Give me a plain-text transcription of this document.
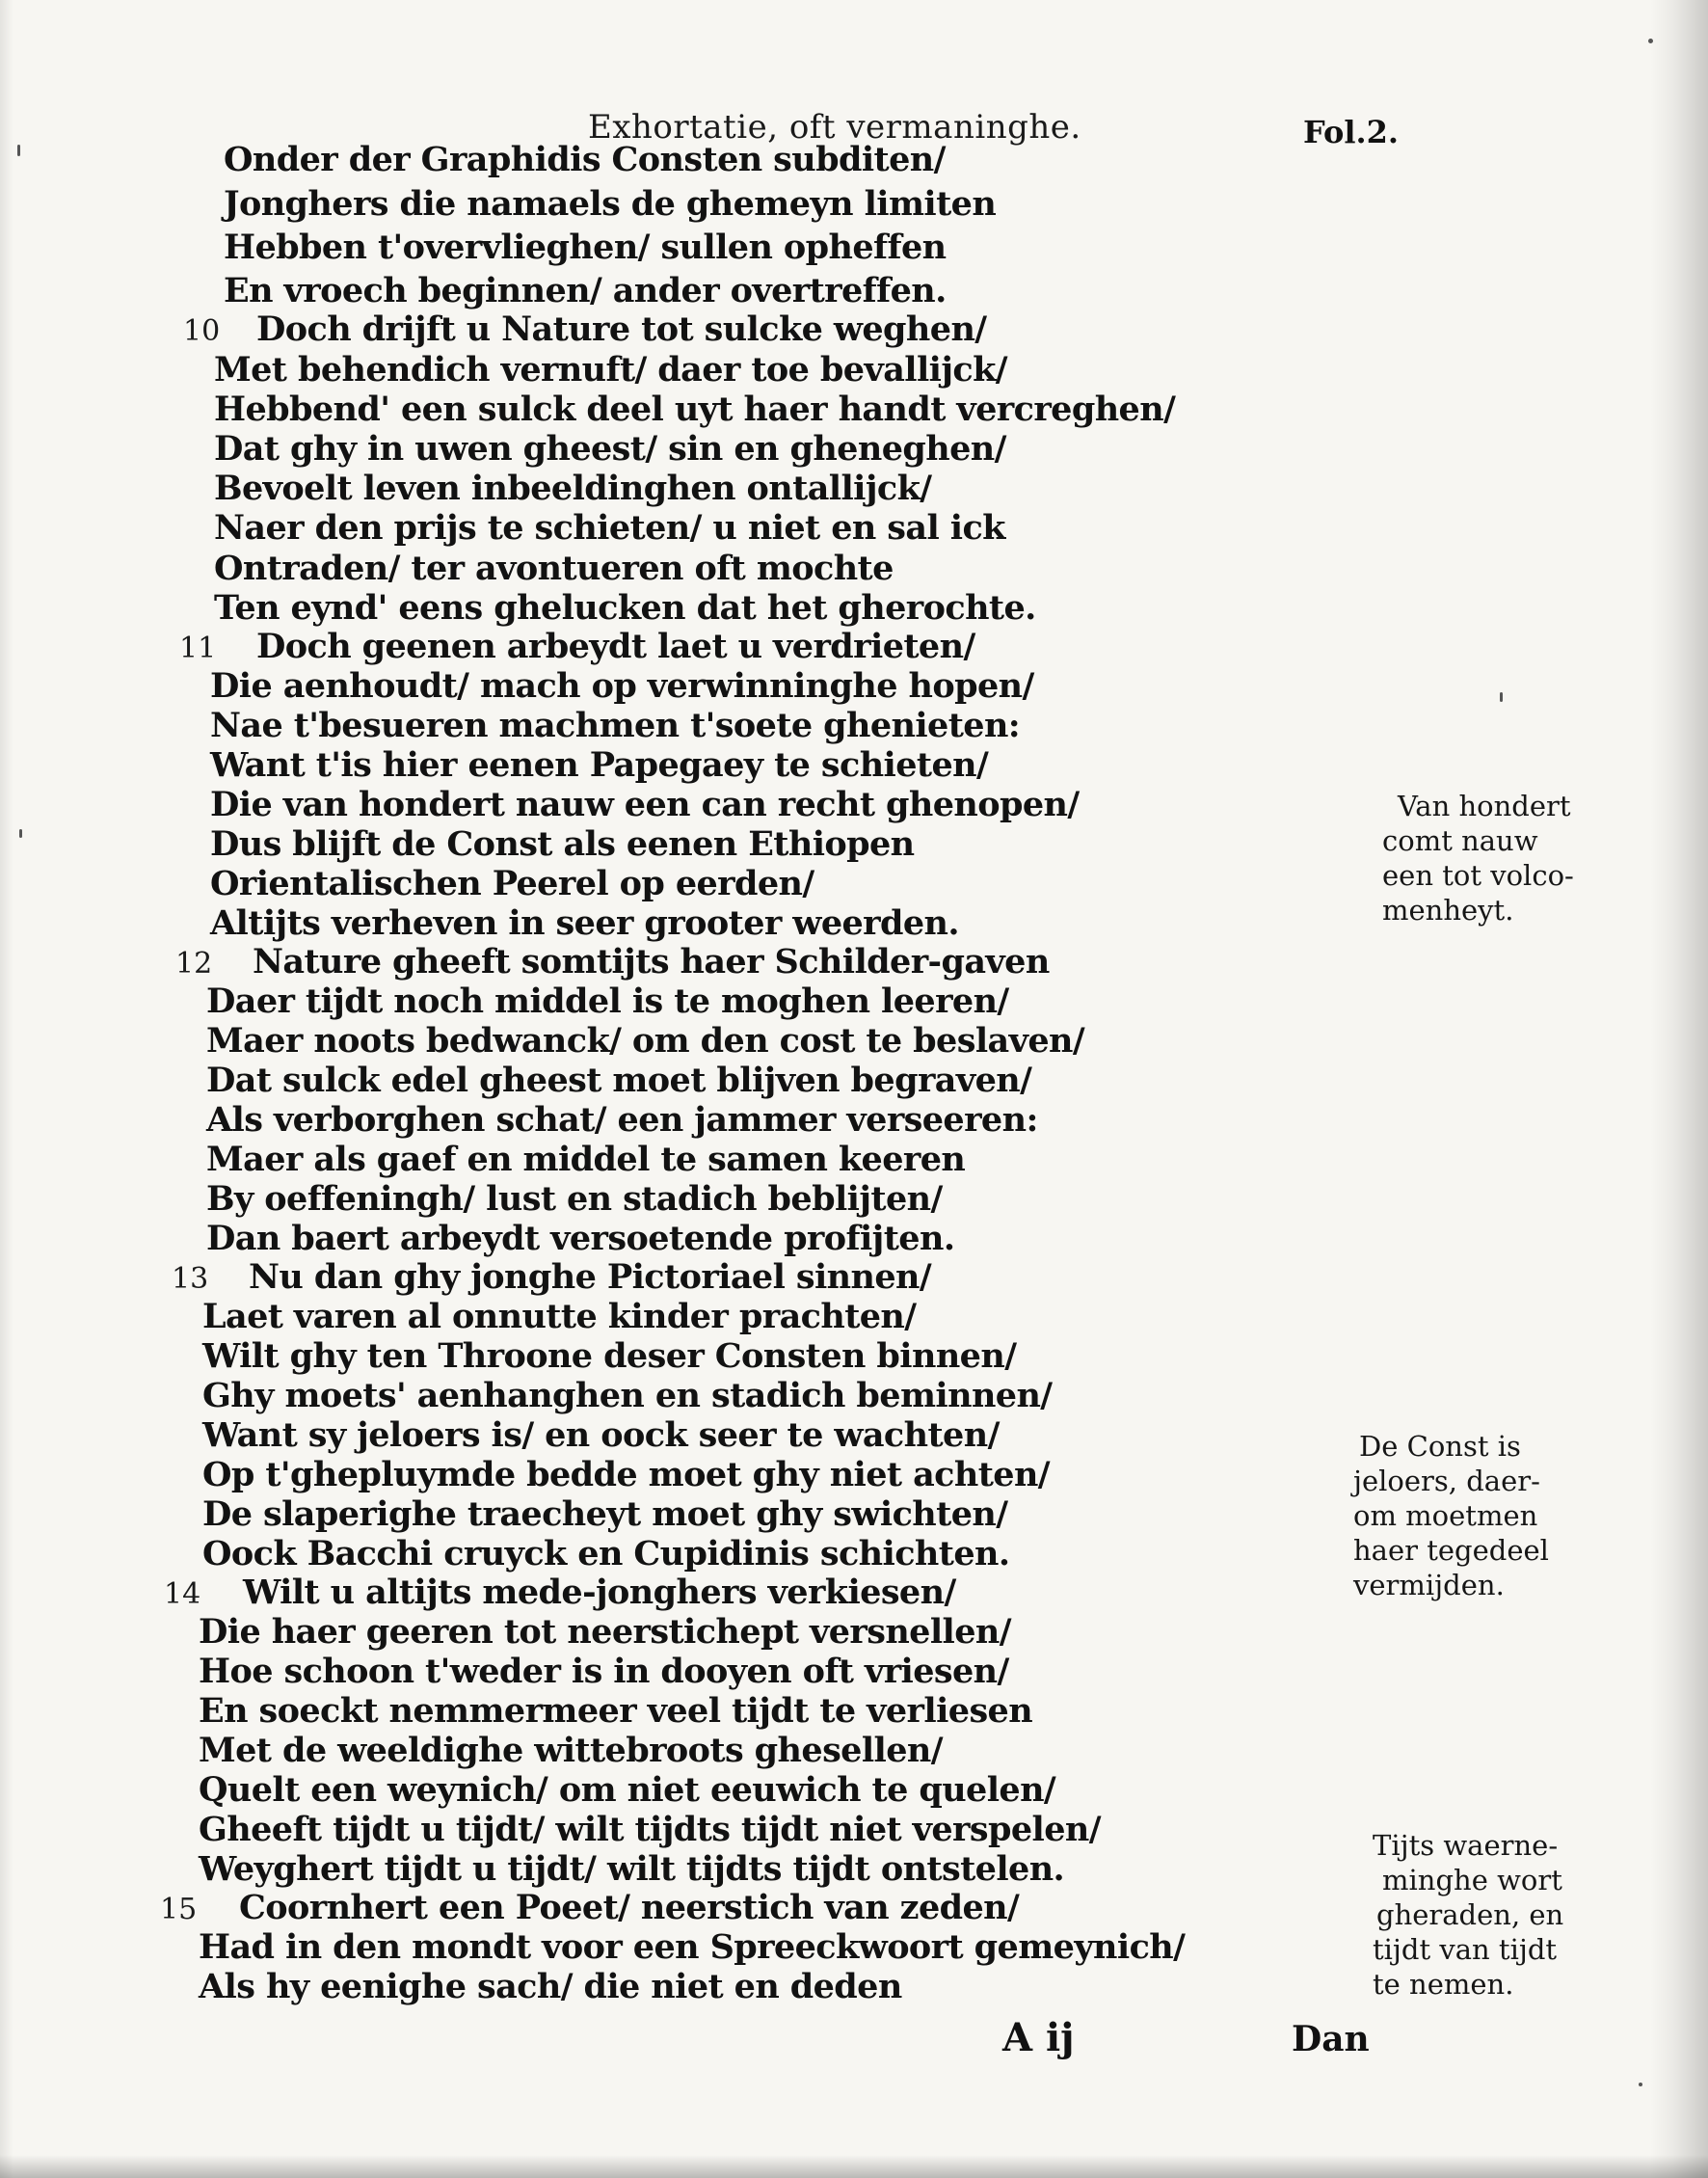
Exhortatie, oft vermaninghe.	Fol.2.
Onder der Graphidis Consten subditen/
Jonghers die namaels de ghemeyn limiten
Hebben t'overvlieghen/ sullen opheffen
En vroech beginnen/ ander overtreffen.
10 Doch drijft u Nature tot sulcke weghen/
Met behendich vernuft/ daer toe bevallijck/
Hebbend' een sulck deel uyt haer handt vercreghen/
Dat ghy in uwen gheest/ sin en gheneghen/
Bevoelt leven inbeeldinghen ontallijck/
Naer den prijs te schieten/ u niet en sal ick
Ontraden/ ter avontueren oft mochte
Ten eynd' eens ghelucken dat het gherochte.
11 Doch geenen arbeydt laet u verdrieten/
Die aenhoudt/ mach op verwinninghe hopen/
Nae t'besueren machmen t'soete ghenieten:
Want t'is hier eenen Papegaey te schieten/
Die van hondert nauw een can recht ghenopen/
Dus blijft de Const als eenen Ethiopen
Orientalischen Peerel op eerden/
Altijts verheven in seer grooter weerden.
12 Nature gheeft somtijts haer Schilder-gaven
Daer tijdt noch middel is te moghen leeren/
Maer noots bedwanck/ om den cost te beslaven/
Dat sulck edel gheest moet blijven begraven/
Als verborghen schat/ een jammer verseeren:
Maer als gaef en middel te samen keeren
By oeffeningh/ lust en stadich beblijten/
Dan baert arbeydt versoetende profijten.
13 Nu dan ghy jonghe Pictoriael sinnen/
Laet varen al onnutte kinder prachten/
Wilt ghy ten Throone deser Consten binnen/
Ghy moets' aenhanghen en stadich beminnen/
Want sy jeloers is/ en oock seer te wachten/
Op t'ghepluymde bedde moet ghy niet achten/
De slaperighe traecheyt moet ghy swichten/
Oock Bacchi cruyck en Cupidinis schichten.
14 Wilt u altijts mede-jonghers verkiesen/
Die haer geeren tot neerstichept versnellen/
Hoe schoon t'weder is in dooyen oft vriesen/
En soeckt nemmermeer veel tijdt te verliesen
Met de weeldighe wittebroots ghesellen/
Quelt een weynich/ om niet eeuwich te quelen/
Gheeft tijdt u tijdt/ wilt tijdts tijdt niet verspelen/
Weyghert tijdt u tijdt/ wilt tijdts tijdt ontstelen.
15 Coornhert een Poeet/ neerstich van zeden/
Had in den mondt voor een Spreeckwoort gemeynich/
Als hy eenighe sach/ die niet en deden
Van hondert
comt nauw
een tot volco-
menheyt.
De Const is
jeloers, daer-
om moetmen
haer tegedeel
vermijden.
Tijts waerne-
minghe wort
gheraden, en
tijdt van tijdt
te nemen.
A ij	Dan
